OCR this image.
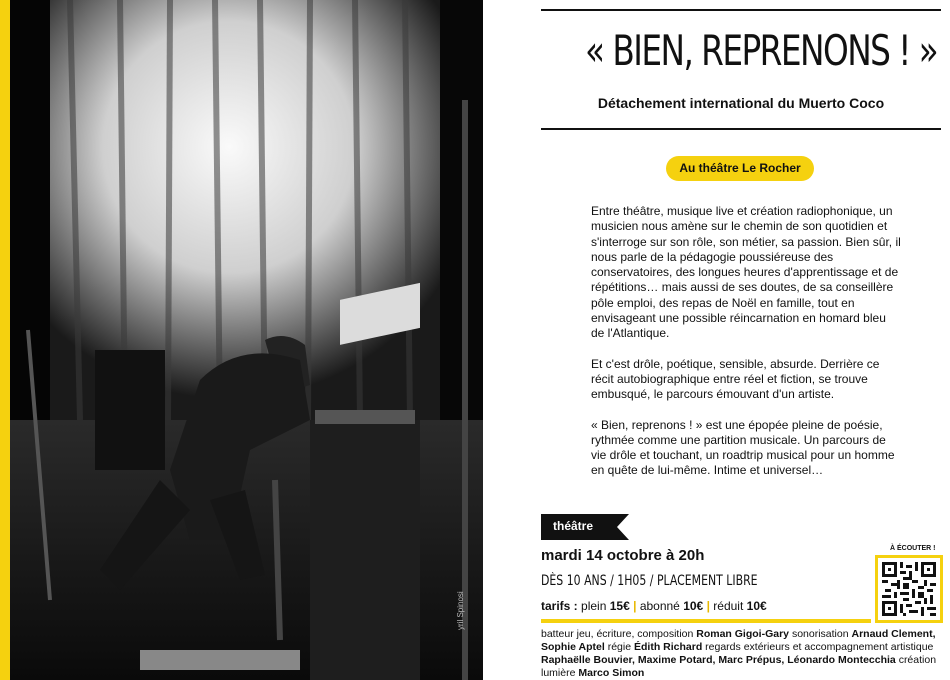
yril Spinosi
« BIEN, REPRENONS ! »
Détachement international du Muerto Coco
Au théâtre Le Rocher

Entre théâtre, musique live et création radiophonique, un musicien nous amène sur le chemin de son quotidien et s'interroge sur son rôle, son métier, sa passion. Bien sûr, il nous parle de la pédagogie poussiéreuse des conservatoires, des longues heures d'apprentissage et de répétitions… mais aussi de ses doutes, de sa conseillère pôle emploi, des repas de Noël en famille, tout en envisageant une possible réincarnation en homard bleu de l'Atlantique.

Et c'est drôle, poétique, sensible, absurde. Derrière ce récit autobiographique entre réel et fiction, se trouve embusqué, le parcours émouvant d'un artiste.

« Bien, reprenons ! » est une épopée pleine de poésie, rythmée comme une partition musicale. Un parcours de vie drôle et touchant, un roadtrip musical pour un homme en quête de lui-même. Intime et universel…

théâtre
mardi 14 octobre à 20h
DÈS 10 ANS / 1H05 / PLACEMENT LIBRE
tarifs : plein 15€ | abonné 10€ | réduit 10€
À ÉCOUTER !
batteur jeu, écriture, composition Roman Gigoi-Gary sonorisation Arnaud Clement, Sophie Aptel régie Édith Richard regards extérieurs et accompagnement artistique Raphaëlle Bouvier, Maxime Potard, Marc Prépus, Léonardo Montecchia création lumière Marco Simon
